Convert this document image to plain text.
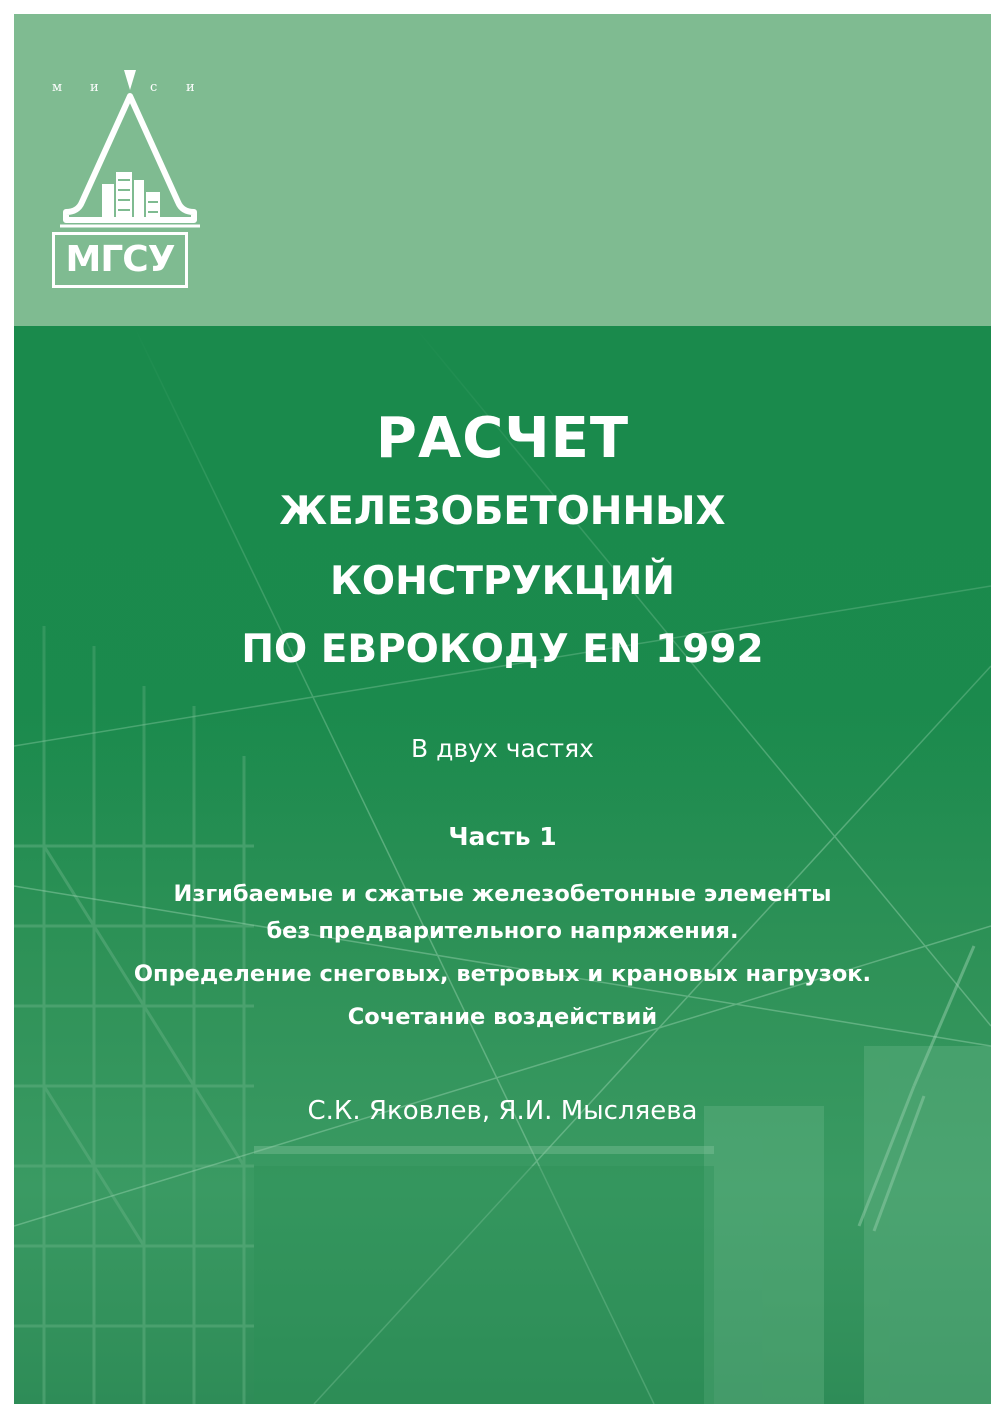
м и	с и
МГСУ
РАСЧЕТ
ЖЕЛЕЗОБЕТОННЫХ
КОНСТРУКЦИЙ
ПО ЕВРОКОДУ EN 1992
В двух частях
Часть 1
Изгибаемые и сжатые железобетонные элементы
без предварительного напряжения.
Определение снеговых, ветровых и крановых нагрузок.
Сочетание воздействий
С.К. Яковлев, Я.И. Мысляева
